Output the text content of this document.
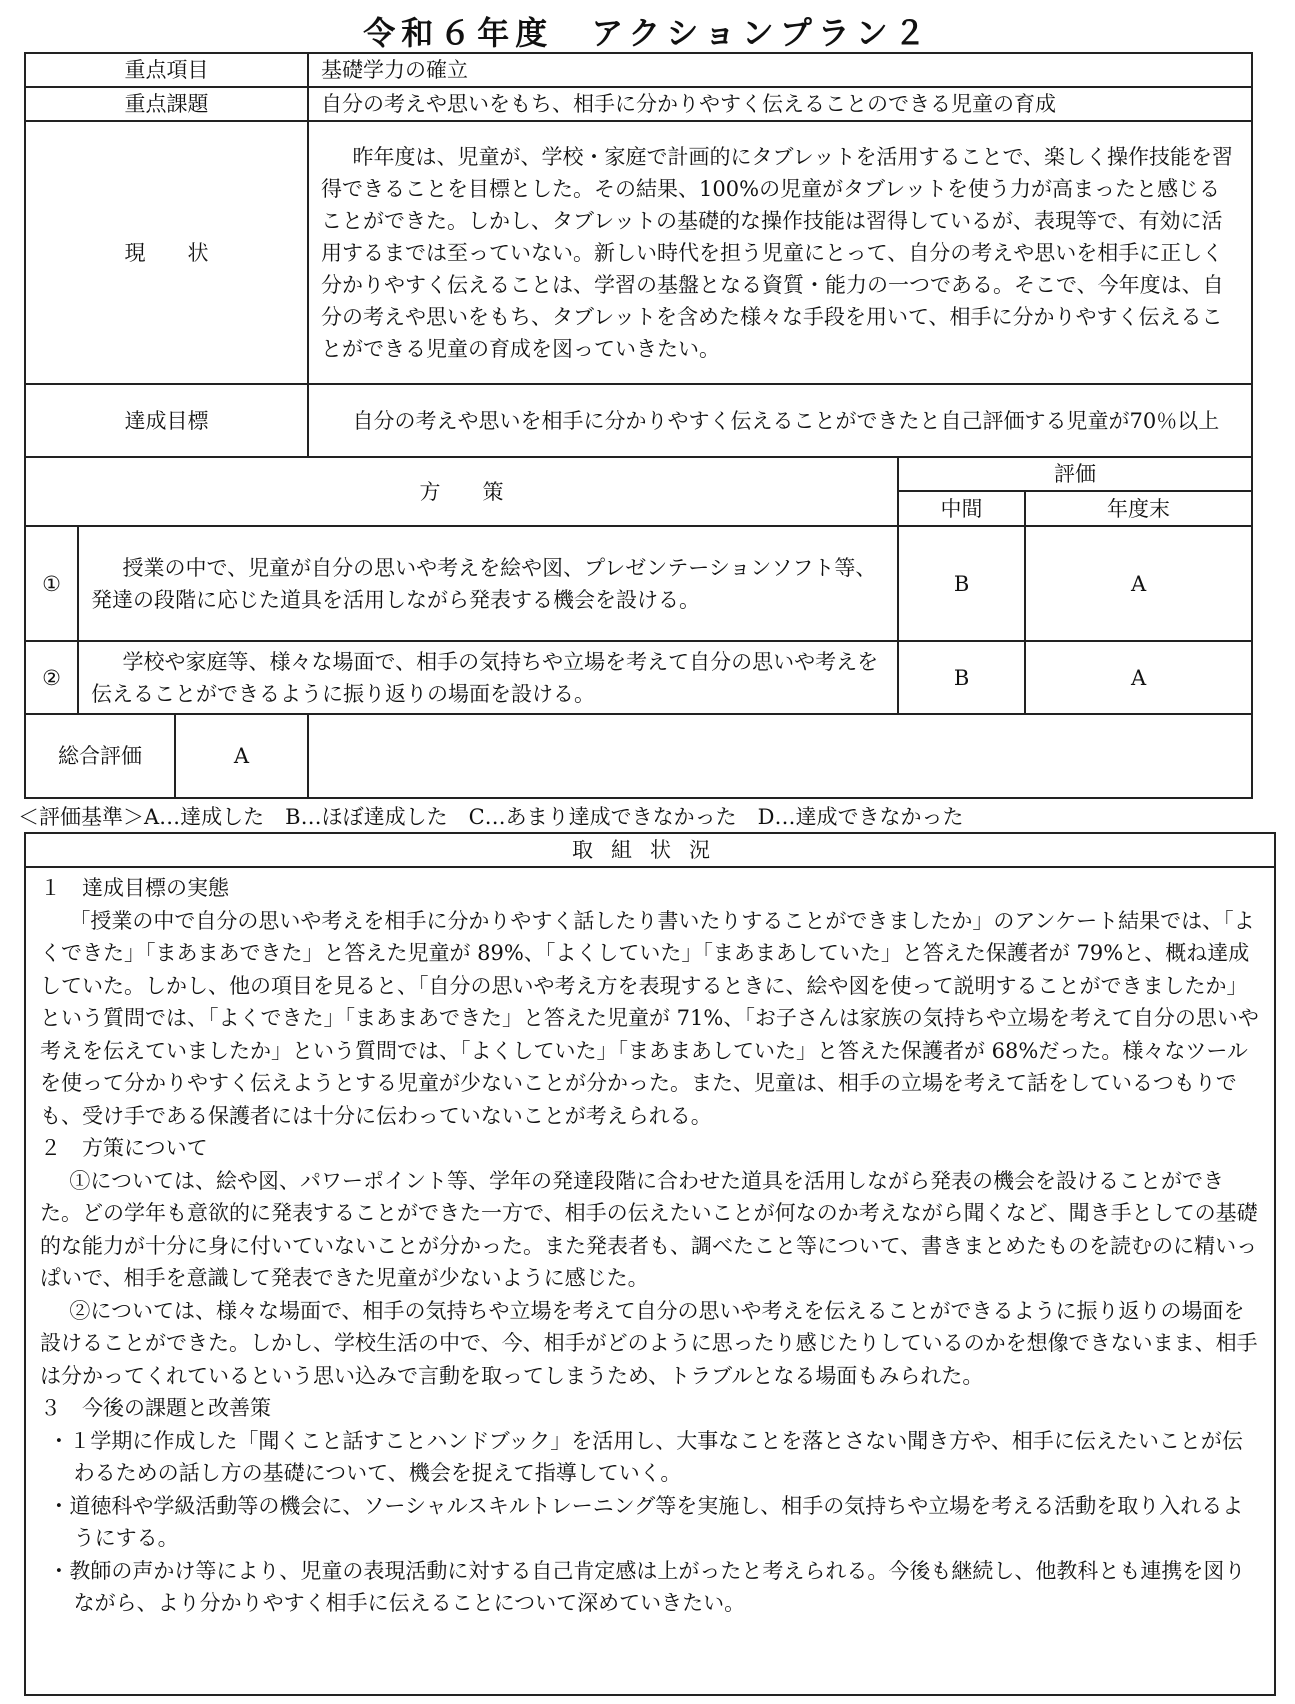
令和６年度　アクションプラン２
重点項目			基礎学力の確立		
重点課題			自分の考えや思いをもち、相手に分かりやすく伝えることのできる児童の育成		
現　　状			昨年度は、児童が、学校・家庭で計画的にタブレットを活用することで、楽しく操作技能を習得できることを目標とした。その結果、100%の児童がタブレットを使う力が高まったと感じることができた。しかし、タブレットの基礎的な操作技能は習得しているが、表現等で、有効に活用するまでは至っていない。新しい時代を担う児童にとって、自分の考えや思いを相手に正しく分かりやすく伝えることは、学習の基盤となる資質・能力の一つである。そこで、今年度は、自分の考えや思いをもち、タブレットを含めた様々な手段を用いて、相手に分かりやすく伝えることができる児童の育成を図っていきたい。		
達成目標			自分の考えや思いを相手に分かりやすく伝えることができたと自己評価する児童が70％以上		
方　　策				評価	
				中間	年度末
①	授業の中で、児童が自分の思いや考えを絵や図、プレゼンテーションソフト等、発達の段階に応じた道具を活用しながら発表する機会を設ける。			B	A
②	学校や家庭等、様々な場面で、相手の気持ちや立場を考えて自分の思いや考えを伝えることができるように振り返りの場面を設ける。			B	A
総合評価		A			
＜評価基準＞A…達成した　B…ほぼ達成した　C…あまり達成できなかった　D…達成できなかった
取組状況
１　達成目標の実態
「授業の中で自分の思いや考えを相手に分かりやすく話したり書いたりすることができましたか」のアンケート結果では、「よくできた」「まあまあできた」と答えた児童が 89%、「よくしていた」「まあまあしていた」と答えた保護者が 79%と、概ね達成していた。しかし、他の項目を見ると、「自分の思いや考え方を表現するときに、絵や図を使って説明することができましたか」という質問では、「よくできた」「まあまあできた」と答えた児童が 71%、「お子さんは家族の気持ちや立場を考えて自分の思いや考えを伝えていましたか」という質問では、「よくしていた」「まあまあしていた」と答えた保護者が 68%だった。様々なツールを使って分かりやすく伝えようとする児童が少ないことが分かった。また、児童は、相手の立場を考えて話をしているつもりでも、受け手である保護者には十分に伝わっていないことが考えられる。
２　方策について
①については、絵や図、パワーポイント等、学年の発達段階に合わせた道具を活用しながら発表の機会を設けることができた。どの学年も意欲的に発表することができた一方で、相手の伝えたいことが何なのか考えながら聞くなど、聞き手としての基礎的な能力が十分に身に付いていないことが分かった。また発表者も、調べたこと等について、書きまとめたものを読むのに精いっぱいで、相手を意識して発表できた児童が少ないように感じた。
②については、様々な場面で、相手の気持ちや立場を考えて自分の思いや考えを伝えることができるように振り返りの場面を設けることができた。しかし、学校生活の中で、今、相手がどのように思ったり感じたりしているのかを想像できないまま、相手は分かってくれているという思い込みで言動を取ってしまうため、トラブルとなる場面もみられた。
３　今後の課題と改善策
・１学期に作成した「聞くこと話すことハンドブック」を活用し、大事なことを落とさない聞き方や、相手に伝えたいことが伝わるための話し方の基礎について、機会を捉えて指導していく。
・道徳科や学級活動等の機会に、ソーシャルスキルトレーニング等を実施し、相手の気持ちや立場を考える活動を取り入れるようにする。
・教師の声かけ等により、児童の表現活動に対する自己肯定感は上がったと考えられる。今後も継続し、他教科とも連携を図りながら、より分かりやすく相手に伝えることについて深めていきたい。
